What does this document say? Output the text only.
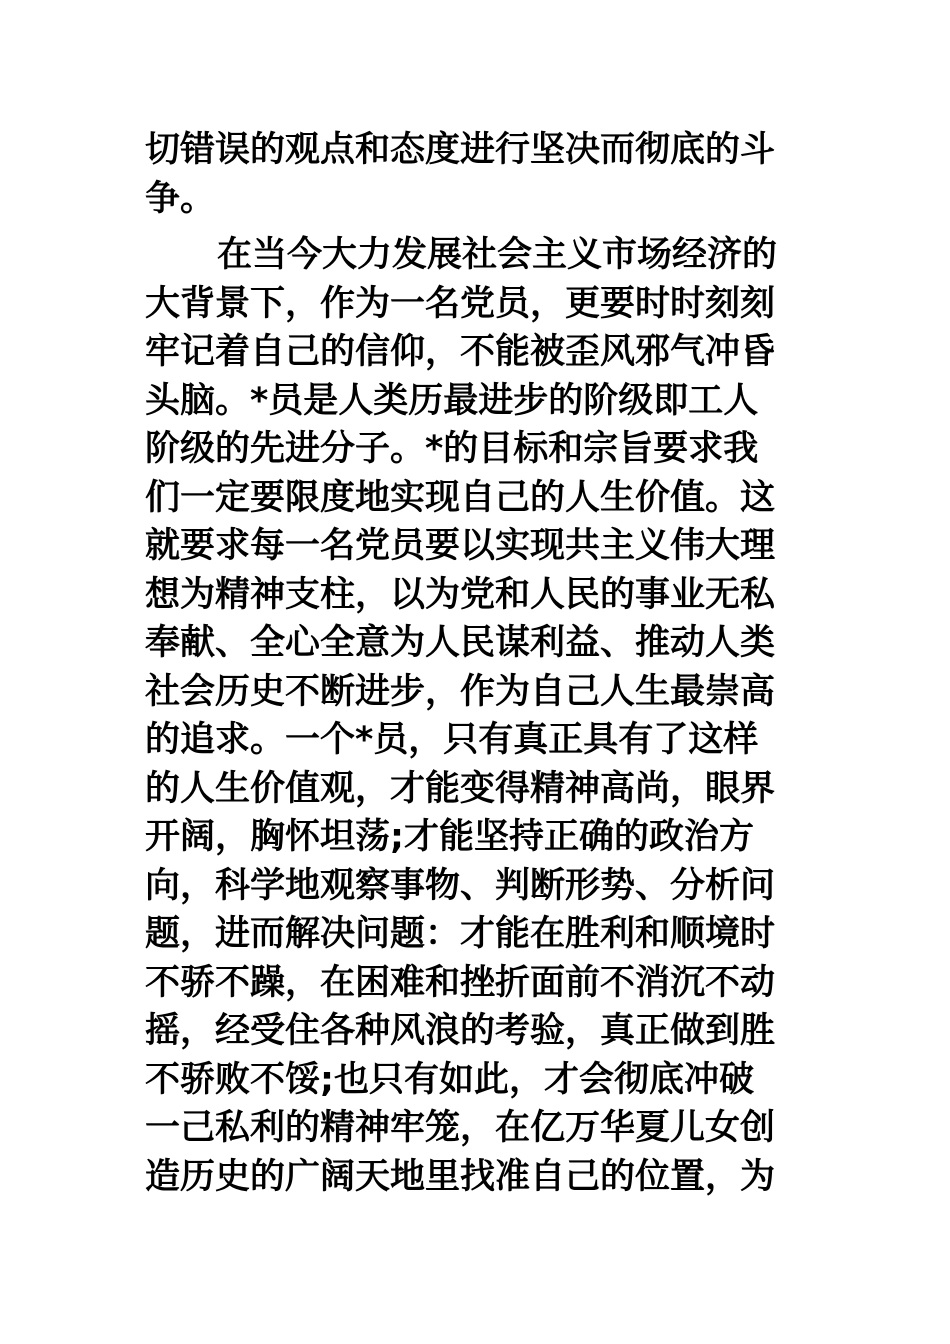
切错误的观点和态度进行坚决而彻底的斗
争。
在当今大力发展社会主义市场经济的
大背景下，作为一名党员，更要时时刻刻
牢记着自己的信仰，不能被歪风邪气冲昏
头脑。*员是人类历最进步的阶级即工人
阶级的先进分子。*的目标和宗旨要求我
们一定要限度地实现自己的人生价值。这
就要求每一名党员要以实现共主义伟大理
想为精神支柱，以为党和人民的事业无私
奉献、全心全意为人民谋利益、推动人类
社会历史不断进步，作为自己人生最崇高
的追求。一个*员，只有真正具有了这样
的人生价值观，才能变得精神高尚，眼界
开阔，胸怀坦荡;才能坚持正确的政治方
向，科学地观察事物、判断形势、分析问
题，进而解决问题：才能在胜利和顺境时
不骄不躁，在困难和挫折面前不消沉不动
摇，经受住各种风浪的考验，真正做到胜
不骄败不馁;也只有如此，才会彻底冲破
一己私利的精神牢笼，在亿万华夏儿女创
造历史的广阔天地里找准自己的位置，为
